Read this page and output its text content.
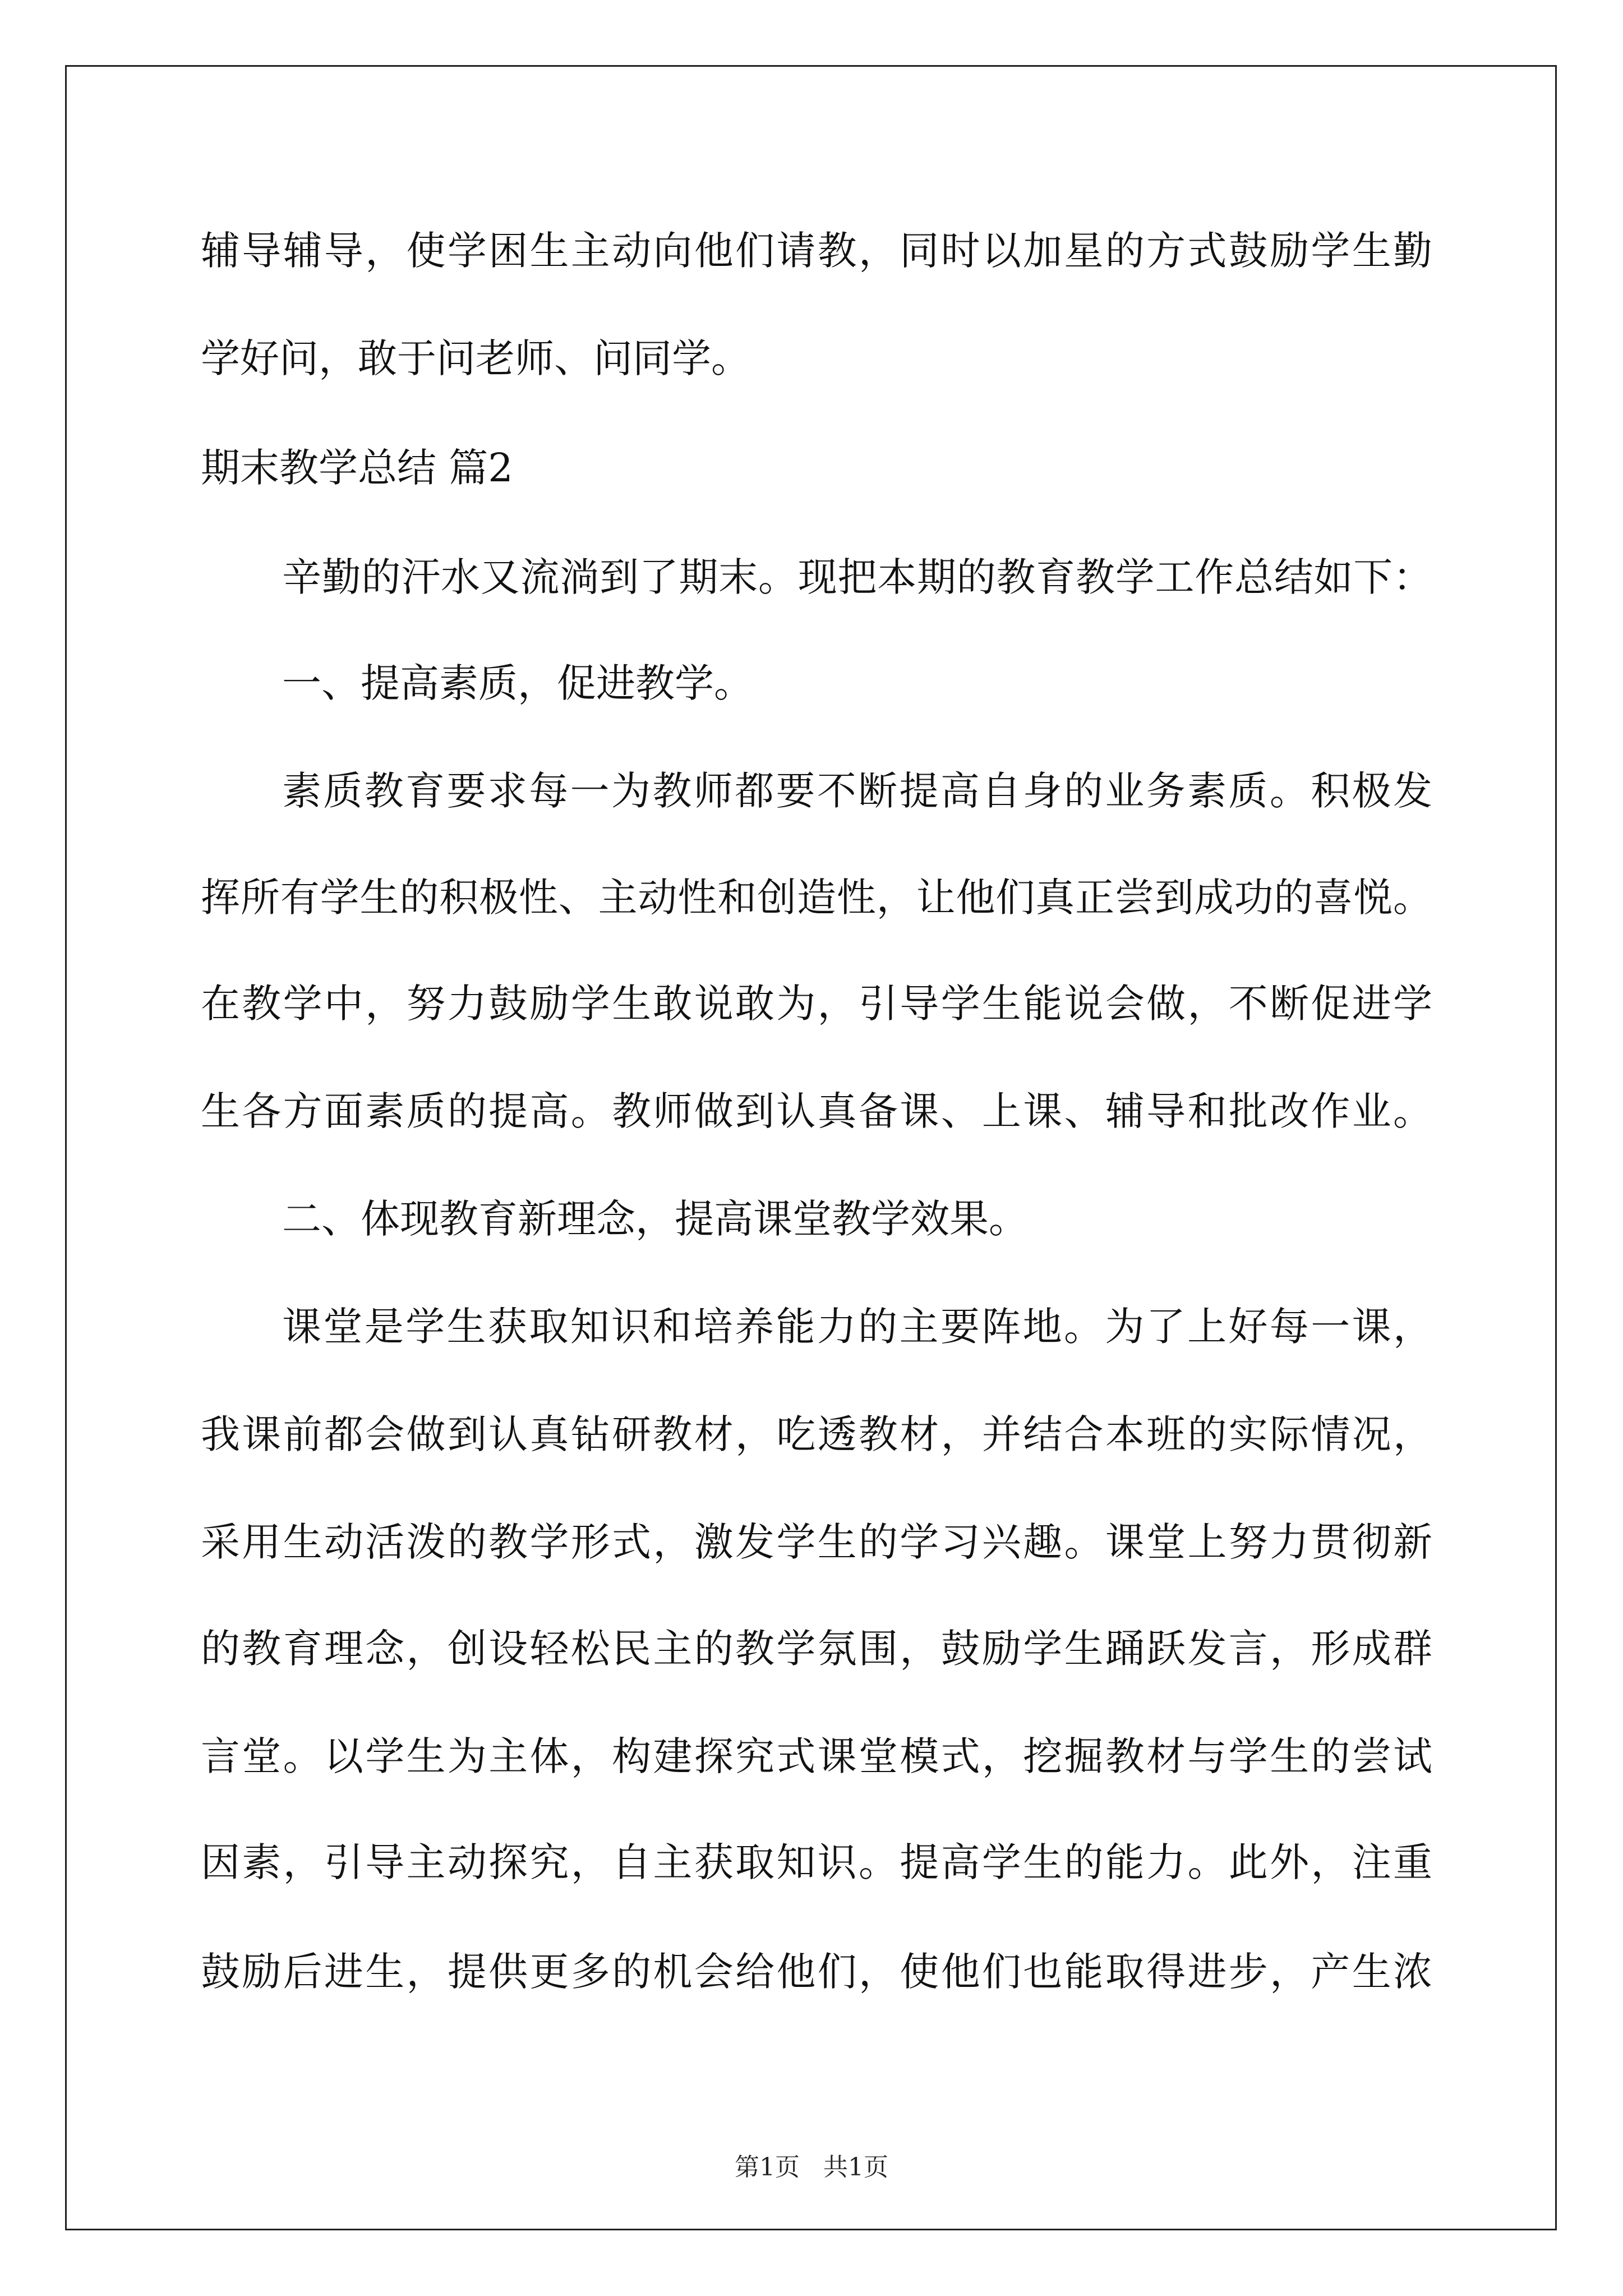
辅导辅导，使学困生主动向他们请教，同时以加星的方式鼓励学生勤
学好问，敢于问老师、问同学。
期末教学总结 篇2
辛勤的汗水又流淌到了期末。现把本期的教育教学工作总结如下：
一、提高素质，促进教学。
素质教育要求每一为教师都要不断提高自身的业务素质。积极发
挥所有学生的积极性、主动性和创造性，让他们真正尝到成功的喜悦。
在教学中，努力鼓励学生敢说敢为，引导学生能说会做，不断促进学
生各方面素质的提高。教师做到认真备课、上课、辅导和批改作业。
二、体现教育新理念，提高课堂教学效果。
课堂是学生获取知识和培养能力的主要阵地。为了上好每一课，
我课前都会做到认真钻研教材，吃透教材，并结合本班的实际情况，
采用生动活泼的教学形式，激发学生的学习兴趣。课堂上努力贯彻新
的教育理念，创设轻松民主的教学氛围，鼓励学生踊跃发言，形成群
言堂。以学生为主体，构建探究式课堂模式，挖掘教材与学生的尝试
因素，引导主动探究，自主获取知识。提高学生的能力。此外，注重
鼓励后进生，提供更多的机会给他们，使他们也能取得进步，产生浓
第1页   共1页
